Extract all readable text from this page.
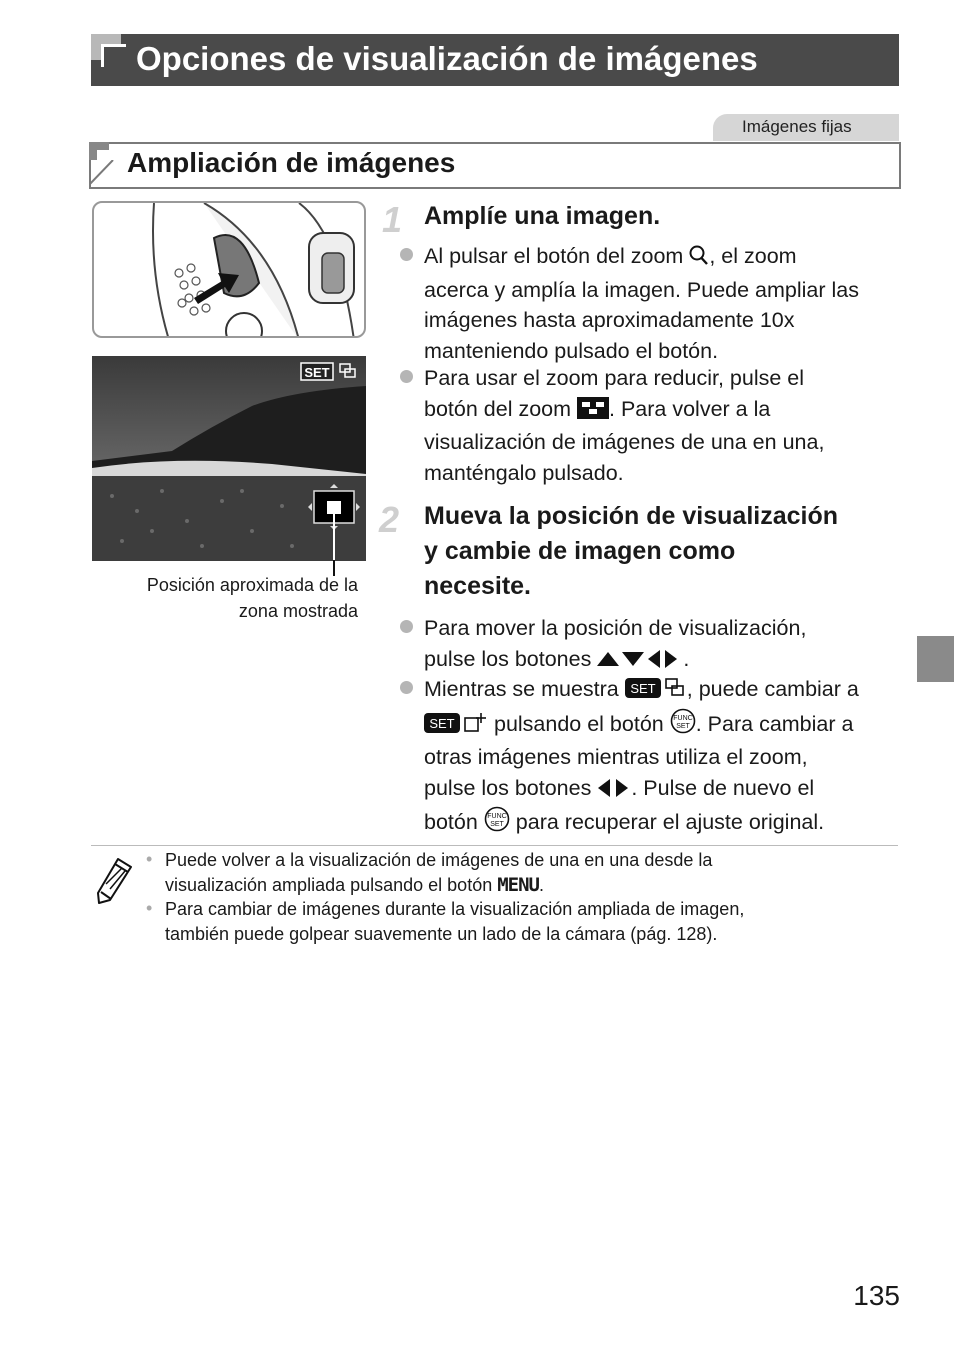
Opciones de visualización de imágenes
Imágenes fijas
Ampliación de imágenes
SET
Posición aproximada de la
zona mostrada
1 Amplíe una imagen.
Al pulsar el botón del zoom , el zoom
acerca y amplía la imagen. Puede ampliar las
imágenes hasta aproximadamente 10x
manteniendo pulsado el botón.
Para usar el zoom para reducir, pulse el
botón del zoom . Para volver a la
visualización de imágenes de una en una,
manténgalo pulsado.
2 Mueva la posición de visualización
y cambie de imagen como
necesite.
Para mover la posición de visualización,
pulse los botones	.
Mientras se muestra SET , puede cambiar a
SET pulsando el botón FUNC
SET . Para cambiar a
otras imágenes mientras utiliza el zoom,
pulse los botones . Pulse de nuevo el
botón FUNC
SET para recuperar el ajuste original.
• Puede volver a la visualización de imágenes de una en una desde la
visualización ampliada pulsando el botón MENU.
• Para cambiar de imágenes durante la visualización ampliada de imagen,
también puede golpear suavemente un lado de la cámara (pág. 128).
135
